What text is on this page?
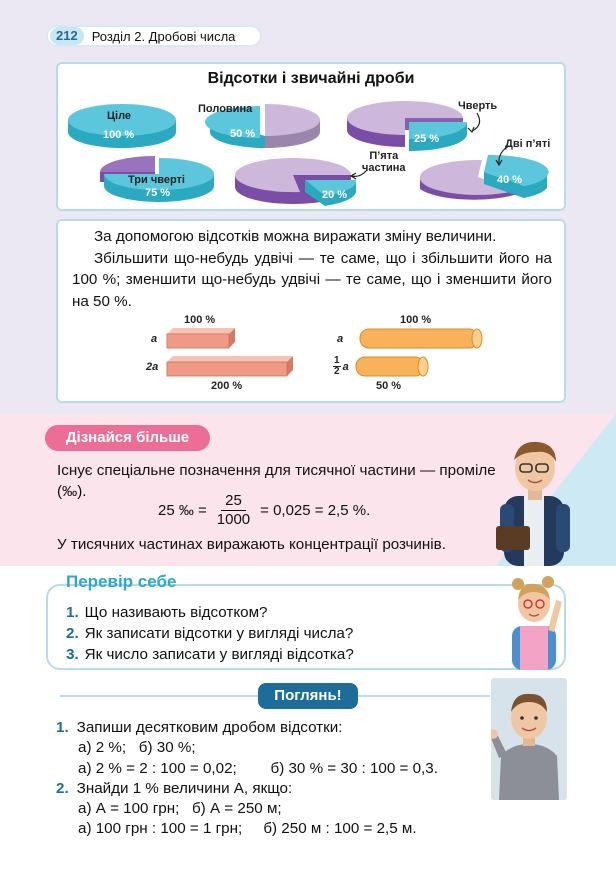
212	Розділ 2. Дробові числа
Відсотки і звичайні дроби
Ціле
100 %
Половина
50 %
Чверть
25 %
Три чверті
75 %
П’ята
частина
20 %
Дві п’яті
40 %

За допомогою відсотків можна виражати зміну величини.

Збільшити що-небудь удвічі — те саме, що і збільшити його на 100 %; зменшити що-небудь удвічі — те саме, що і зменшити його на 50 %.

100 %
a
2a
200 %
a
100 %
1
2 a
50 %
Дізнайся більше
Існує спеціальне позначення для тисячної частини — проміле (‰).
25 ‰ = $\frac{25}{1000} = 0,025 = 2,5$ %.
У тисячних частинах виражають концентрації розчинів.
Перевір себе
1. Що називають відсотком?
2. Як записати відсотки у вигляді числа?
3. Як число записати у вигляді відсотка?
Поглянь!
1. Запиши десятковим дробом відсотки:
а) 2 %;   б) 30 %;
а) 2 % = 2 : 100 = 0,02;        б) 30 % = 30 : 100 = 0,3.
2. Знайди 1 % величини А, якщо:
а) А = 100 грн;   б) А = 250 м;
а) 100 грн : 100 = 1 грн;     б) 250 м : 100 = 2,5 м.
